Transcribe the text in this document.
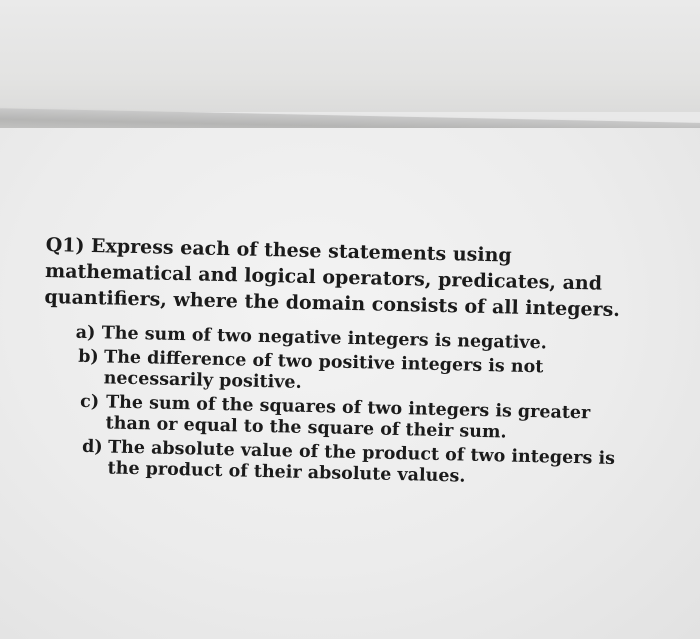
Q1) Express each of these statements using mathematical and logical operators, predicates, and quantifiers, where the domain consists of all integers.

a) The sum of two negative integers is negative.
b) The difference of two positive integers is not necessarily positive.
c) The sum of the squares of two integers is greater than or equal to the square of their sum.
d) The absolute value of the product of two integers is the product of their absolute values.
